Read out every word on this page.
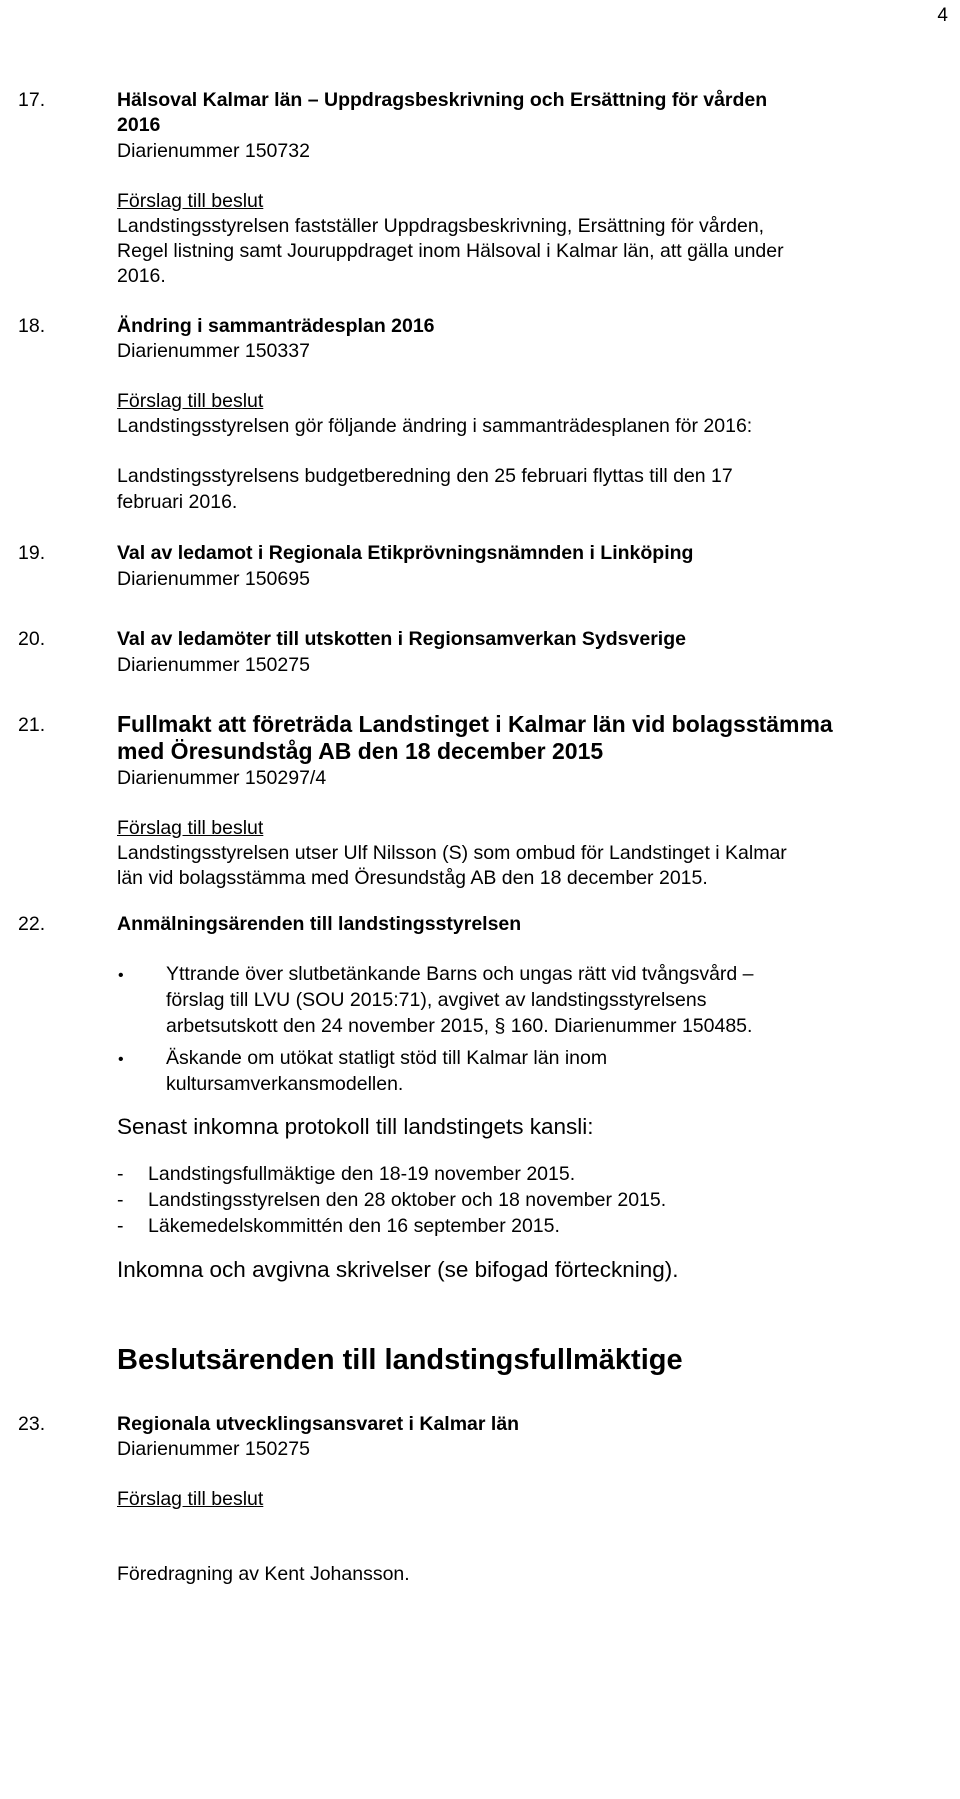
4
17.	Hälsoval Kalmar län – Uppdragsbeskrivning och Ersättning för vården
2016
Diarienummer 150732
Förslag till beslut
Landstingsstyrelsen fastställer Uppdragsbeskrivning, Ersättning för vården,
Regel listning samt Jouruppdraget inom Hälsoval i Kalmar län, att gälla under
2016.
18.	Ändring i sammanträdesplan 2016
Diarienummer 150337
Förslag till beslut
Landstingsstyrelsen gör följande ändring i sammanträdesplanen för 2016:
Landstingsstyrelsens budgetberedning den 25 februari flyttas till den 17
februari 2016.
19.	Val av ledamot i Regionala Etikprövningsnämnden i Linköping
Diarienummer 150695
20.	Val av ledamöter till utskotten i Regionsamverkan Sydsverige
Diarienummer 150275
21.	Fullmakt att företräda Landstinget i Kalmar län vid bolagsstämma
med Öresundståg AB den 18 december 2015
Diarienummer 150297/4
Förslag till beslut
Landstingsstyrelsen utser Ulf Nilsson (S) som ombud för Landstinget i Kalmar
län vid bolagsstämma med Öresundståg AB den 18 december 2015.
22.	Anmälningsärenden till landstingsstyrelsen
• Yttrande över slutbetänkande Barns och ungas rätt vid tvångsvård –
förslag till LVU (SOU 2015:71), avgivet av landstingsstyrelsens
arbetsutskott den 24 november 2015, § 160. Diarienummer 150485.
• Äskande om utökat statligt stöd till Kalmar län inom
kultursamverkansmodellen.
Senast inkomna protokoll till landstingets kansli:
- Landstingsfullmäktige den 18-19 november 2015.
- Landstingsstyrelsen den 28 oktober och 18 november 2015.
- Läkemedelskommittén den 16 september 2015.
Inkomna och avgivna skrivelser (se bifogad förteckning).
Beslutsärenden till landstingsfullmäktige
23.	Regionala utvecklingsansvaret i Kalmar län
Diarienummer 150275
Förslag till beslut
Föredragning av Kent Johansson.
